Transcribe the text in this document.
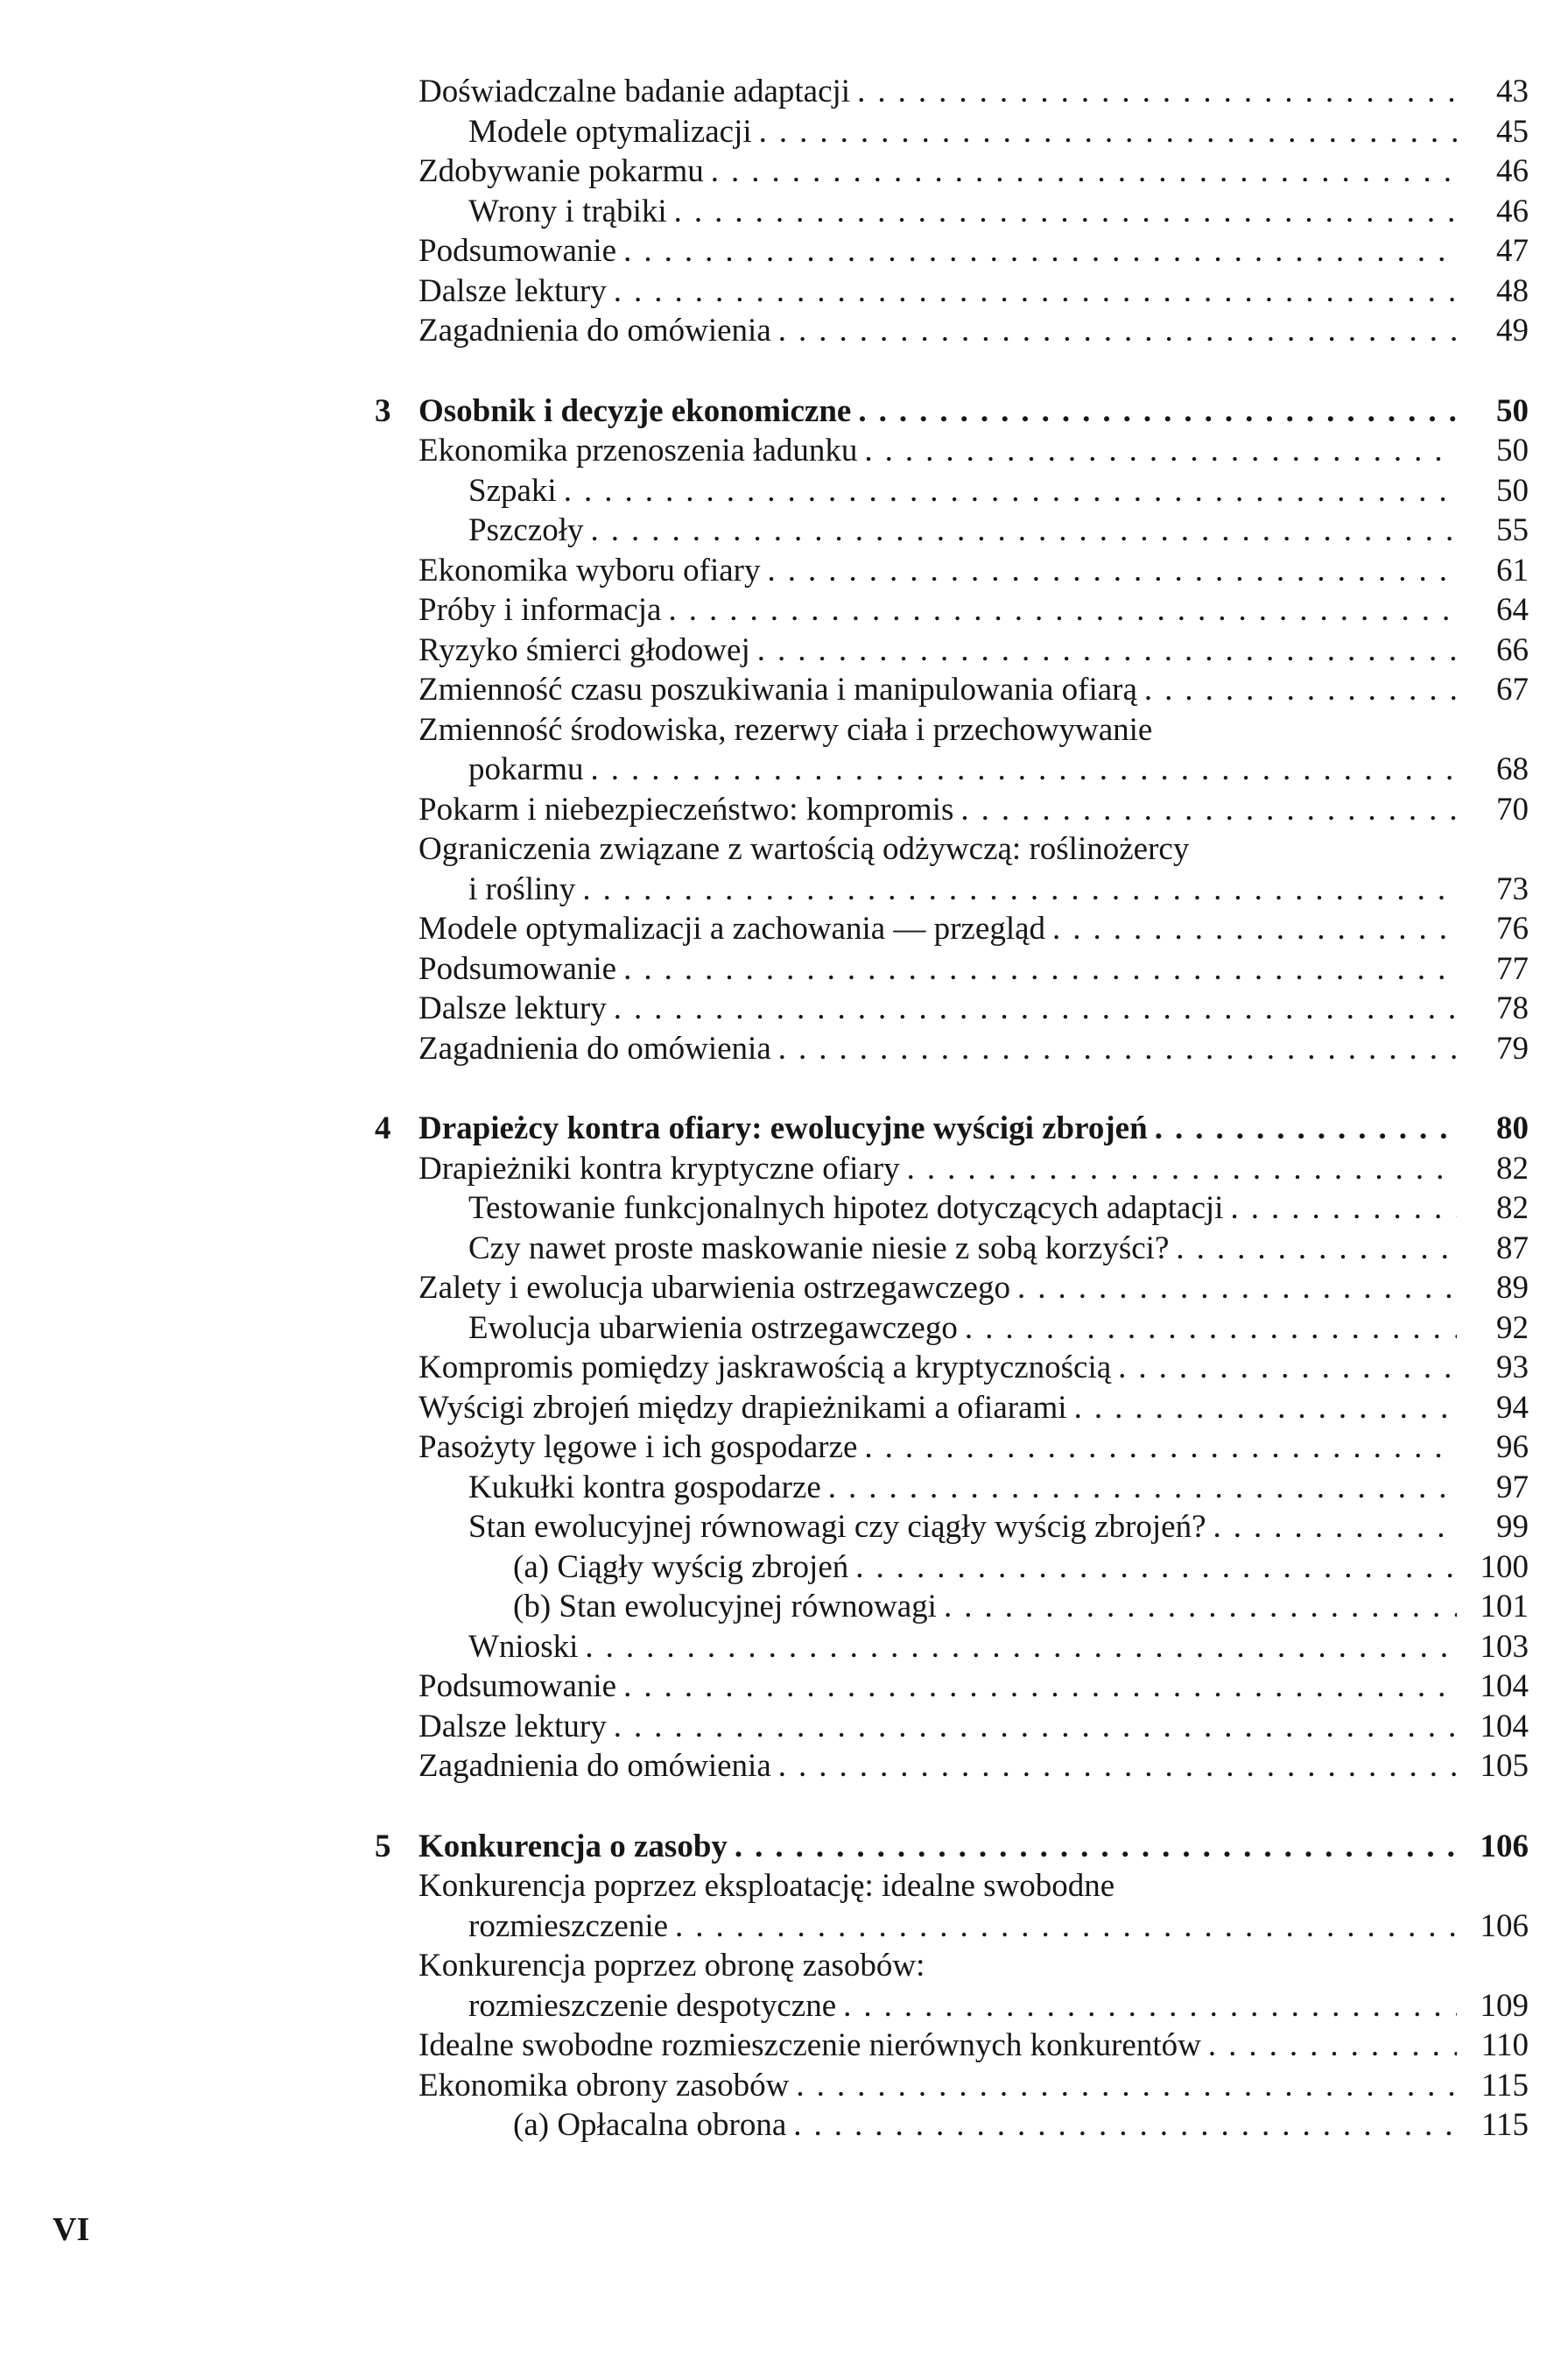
Doświadczalne badanie adaptacji .....	43
Modele optymalizacji .....	45
Zdobywanie pokarmu .....	46
Wrony i trąbiki .....	46
Podsumowanie .....	47
Dalsze lektury .....	48
Zagadnienia do omówienia .....	49
3 Osobnik i decyzje ekonomiczne .....	50
Ekonomika przenoszenia ładunku .....	50
Szpaki .....	50
Pszczoły .....	55
Ekonomika wyboru ofiary .....	61
Próby i informacja .....	64
Ryzyko śmierci głodowej .....	66
Zmienność czasu poszukiwania i manipulowania ofiarą .....	67
Zmienność środowiska, rezerwy ciała i przechowywanie
pokarmu .....	68
Pokarm i niebezpieczeństwo: kompromis .....	70
Ograniczenia związane z wartością odżywczą: roślinożercy
i rośliny .....	73
Modele optymalizacji a zachowania — przegląd .....	76
Podsumowanie .....	77
Dalsze lektury .....	78
Zagadnienia do omówienia .....	79
4 Drapieżcy kontra ofiary: ewolucyjne wyścigi zbrojeń .....	80
Drapieżniki kontra kryptyczne ofiary .....	82
Testowanie funkcjonalnych hipotez dotyczących adaptacji .....	82
Czy nawet proste maskowanie niesie z sobą korzyści? .....	87
Zalety i ewolucja ubarwienia ostrzegawczego .....	89
Ewolucja ubarwienia ostrzegawczego .....	92
Kompromis pomiędzy jaskrawością a kryptycznością .....	93
Wyścigi zbrojeń między drapieżnikami a ofiarami .....	94
Pasożyty lęgowe i ich gospodarze .....	96
Kukułki kontra gospodarze .....	97
Stan ewolucyjnej równowagi czy ciągły wyścig zbrojeń? .....	99
(a) Ciągły wyścig zbrojeń .....	100
(b) Stan ewolucyjnej równowagi .....	101
Wnioski .....	103
Podsumowanie .....	104
Dalsze lektury .....	104
Zagadnienia do omówienia .....	105
5 Konkurencja o zasoby .....	106
Konkurencja poprzez eksploatację: idealne swobodne
rozmieszczenie .....	106
Konkurencja poprzez obronę zasobów:
rozmieszczenie despotyczne .....	109
Idealne swobodne rozmieszczenie nierównych konkurentów .....	110
Ekonomika obrony zasobów .....	115
(a) Opłacalna obrona .....	115
VI
